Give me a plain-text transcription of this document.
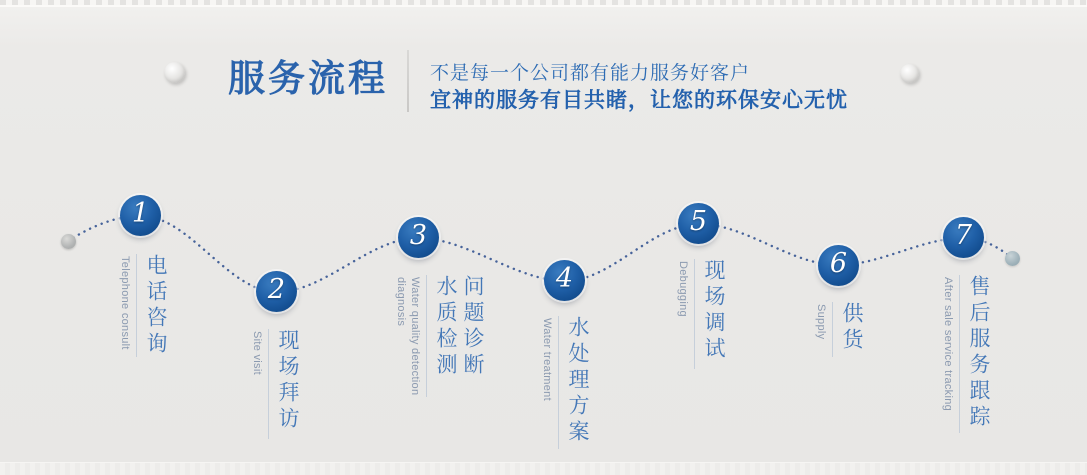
服务流程 不是每一个公司都有能力服务好客户
宜神的服务有目共睹，让您的环保安心无忧
1
2
3
4
5
6
7
Telephone consult 电话咨询	Site visit 现场拜访	Water quality detection diagnosis	水质检测问题诊断	Water treatment 水处理方案
Debugging 现场调试	Supply 供货	After sale service tracking 售后服务跟踪
